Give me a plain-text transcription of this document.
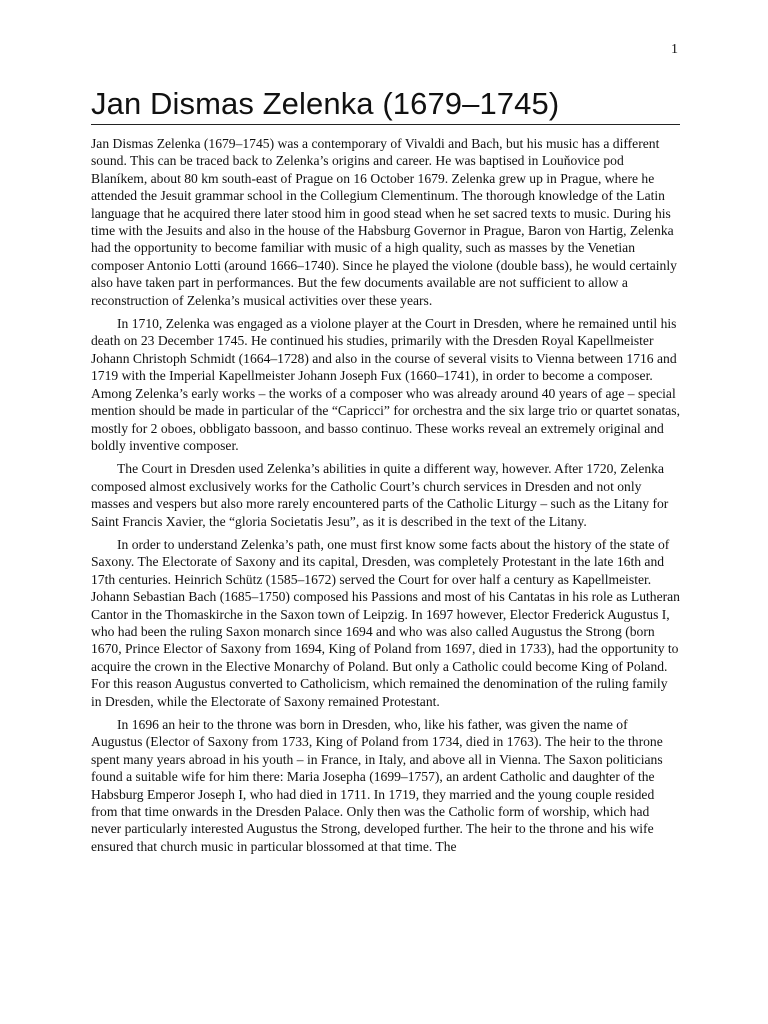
1
Jan Dismas Zelenka (1679–1745)

Jan Dismas Zelenka (1679–1745) was a contemporary of Vivaldi and Bach, but his music has a different sound. This can be traced back to Zelenka’s origins and career. He was baptised in Louňovice pod Blaníkem, about 80 km south-east of Prague on 16 October 1679. Zelenka grew up in Prague, where he attended the Jesuit grammar school in the Collegium Clementinum. The thorough knowledge of the Latin language that he acquired there later stood him in good stead when he set sacred texts to music. During his time with the Jesuits and also in the house of the Habsburg Governor in Prague, Baron von Hartig, Zelenka had the opportunity to become familiar with music of a high quality, such as masses by the Venetian composer Antonio Lotti (around 1666–1740). Since he played the violone (double bass), he would certainly also have taken part in performances. But the few documents available are not sufficient to allow a reconstruction of Zelenka’s musical activities over these years.

In 1710, Zelenka was engaged as a violone player at the Court in Dresden, where he remained until his death on 23 December 1745. He continued his studies, primarily with the Dresden Royal Kapellmeister Johann Christoph Schmidt (1664–1728) and also in the course of several visits to Vienna between 1716 and 1719 with the Imperial Kapellmeister Johann Joseph Fux (1660–1741), in order to become a composer. Among Zelenka’s early works – the works of a composer who was already around 40 years of age – special mention should be made in particular of the “Capricci” for orchestra and the six large trio or quartet sonatas, mostly for 2 oboes, obbligato bassoon, and basso continuo. These works reveal an extremely original and boldly inventive composer.

The Court in Dresden used Zelenka’s abilities in quite a different way, however. After 1720, Zelenka composed almost exclusively works for the Catholic Court’s church services in Dresden and not only masses and vespers but also more rarely encountered parts of the Catholic Liturgy – such as the Litany for Saint Francis Xavier, the “gloria Societatis Jesu”, as it is described in the text of the Litany.

In order to understand Zelenka’s path, one must first know some facts about the history of the state of Saxony. The Electorate of Saxony and its capital, Dresden, was completely Protestant in the late 16th and 17th centuries. Heinrich Schütz (1585–1672) served the Court for over half a century as Kapellmeister. Johann Sebastian Bach (1685–1750) composed his Passions and most of his Cantatas in his role as Lutheran Cantor in the Thomaskirche in the Saxon town of Leipzig. In 1697 however, Elector Frederick Augustus I, who had been the ruling Saxon monarch since 1694 and who was also called Augustus the Strong (born 1670, Prince Elector of Saxony from 1694, King of Poland from 1697, died in 1733), had the opportunity to acquire the crown in the Elective Monarchy of Poland. But only a Catholic could become King of Poland. For this reason Augustus converted to Catholicism, which remained the denomination of the ruling family in Dresden, while the Electorate of Saxony remained Protestant.

In 1696 an heir to the throne was born in Dresden, who, like his father, was given the name of Augustus (Elector of Saxony from 1733, King of Poland from 1734, died in 1763). The heir to the throne spent many years abroad in his youth – in France, in Italy, and above all in Vienna. The Saxon politicians found a suitable wife for him there: Maria Josepha (1699–1757), an ardent Catholic and daughter of the Habsburg Emperor Joseph I, who had died in 1711. In 1719, they married and the young couple resided from that time onwards in the Dresden Palace. Only then was the Catholic form of worship, which had never particularly interested Augustus the Strong, developed further. The heir to the throne and his wife ensured that church music in particular blossomed at that time. The
